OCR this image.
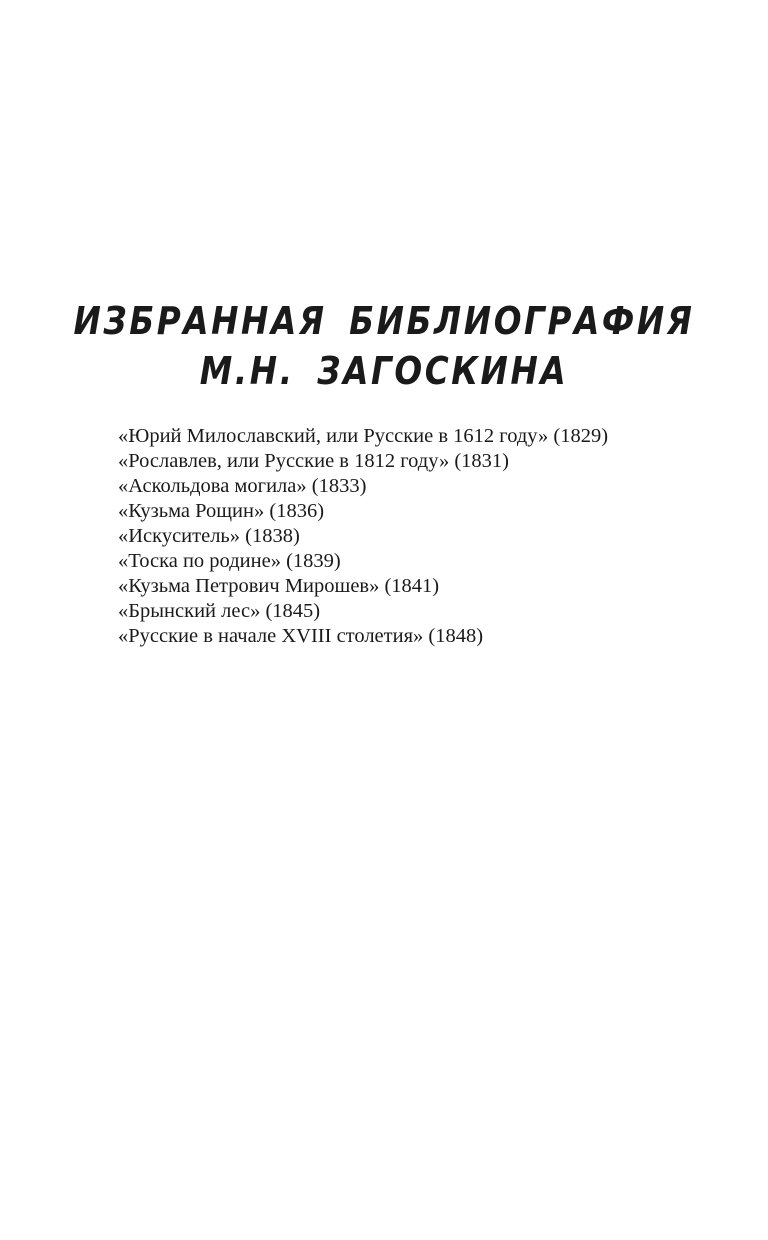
ИЗБРАННАЯ БИБЛИОГРАФИЯ
М.Н. ЗАГОСКИНА
«Юрий Милославский, или Русские в 1612 году» (1829)
«Рославлев, или Русские в 1812 году» (1831)
«Аскольдова могила» (1833)
«Кузьма Рощин» (1836)
«Искуситель» (1838)
«Тоска по родине» (1839)
«Кузьма Петрович Мирошев» (1841)
«Брынский лес» (1845)
«Русские в начале XVIII столетия» (1848)
